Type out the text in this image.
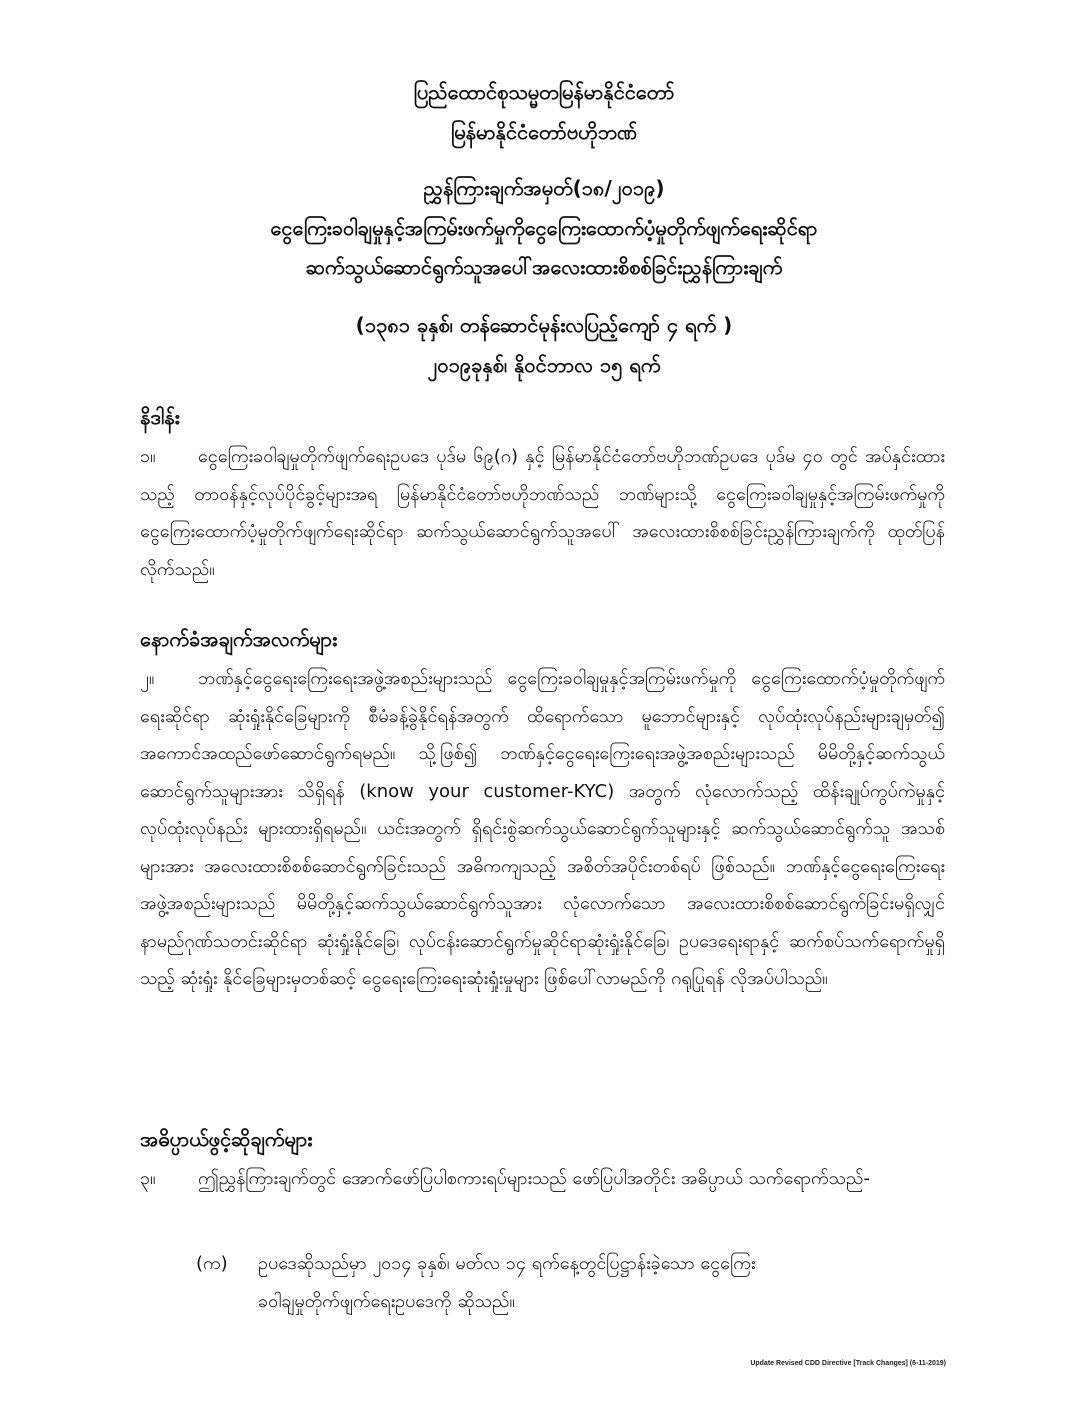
ပြည်ထောင်စုသမ္မတမြန်မာနိုင်ငံတော်
မြန်မာနိုင်ငံတော်ဗဟိုဘဏ်
ညွှန်ကြားချက်အမှတ်(၁၈/၂၀၁၉)
ငွေကြေးခဝါချမှုနှင့်အကြမ်းဖက်မှုကိုငွေကြေးထောက်ပံ့မှုတိုက်ဖျက်ရေးဆိုင်ရာ
ဆက်သွယ်ဆောင်ရွက်သူအပေါ်အလေးထားစိစစ်ခြင်းညွှန်ကြားချက်
(၁၃၈၁ ခုနှစ်၊ တန်ဆောင်မုန်းလပြည့်ကျော် ၄ ရက် )
၂၀၁၉ခုနှစ်၊ နိုဝင်ဘာလ ၁၅ ရက်
နိဒါန်း
၁။ ငွေကြေးခဝါချမှုတိုက်ဖျက်ရေးဥပဒေ ပုဒ်မ ၆၉(ဂ) နှင့် မြန်မာနိုင်ငံတော်ဗဟိုဘဏ်ဥပဒေ ပုဒ်မ ၄၀ တွင် အပ်နှင်းထားသည့် တာဝန်နှင့်လုပ်ပိုင်ခွင့်များအရ မြန်မာနိုင်ငံတော်ဗဟိုဘဏ်သည် ဘဏ်များသို့ ငွေကြေးခဝါချမှုနှင့်အကြမ်းဖက်မှုကို ငွေကြေးထောက်ပံ့မှုတိုက်ဖျက်ရေးဆိုင်ရာ ဆက်သွယ်ဆောင်ရွက်သူအပေါ် အလေးထားစိစစ်ခြင်းညွှန်ကြားချက်ကို ထုတ်ပြန်လိုက်သည်။
နောက်ခံအချက်အလက်များ
၂။ ဘဏ်နှင့်ငွေရေးကြေးရေးအဖွဲ့အစည်းများသည် ငွေကြေးခဝါချမှုနှင့်အကြမ်းဖက်မှုကို ငွေကြေးထောက်ပံ့မှုတိုက်ဖျက်ရေးဆိုင်ရာ ဆုံးရှုံးနိုင်ခြေများကို စီမံခန့်ခွဲနိုင်ရန်အတွက် ထိရောက်သော မူဘောင်များနှင့် လုပ်ထုံးလုပ်နည်းများချမှတ်၍ အကောင်အထည်ဖော်ဆောင်ရွက်ရမည်။ သို့ဖြစ်၍ ဘဏ်နှင့်ငွေရေးကြေးရေးအဖွဲ့အစည်းများသည် မိမိတို့နှင့်ဆက်သွယ်ဆောင်ရွက်သူများအား သိရှိရန် (know your customer-KYC) အတွက် လုံလောက်သည့် ထိန်းချုပ်ကွပ်ကဲမှုနှင့် လုပ်ထုံးလုပ်နည်း များထားရှိရမည်။ ယင်းအတွက် ရှိရင်းစွဲဆက်သွယ်ဆောင်ရွက်သူများနှင့် ဆက်သွယ်ဆောင်ရွက်သူ အသစ်များအား အလေးထားစိစစ်ဆောင်ရွက်ခြင်းသည် အဓိကကျသည့် အစိတ်အပိုင်းတစ်ရပ် ဖြစ်သည်။ ဘဏ်နှင့်ငွေရေးကြေးရေးအဖွဲ့အစည်းများသည် မိမိတို့နှင့်ဆက်သွယ်ဆောင်ရွက်သူအား လုံလောက်သော အလေးထားစိစစ်ဆောင်ရွက်ခြင်းမရှိလျှင် နာမည်ဂုဏ်သတင်းဆိုင်ရာ ဆုံးရှုံးနိုင်ခြေ၊ လုပ်ငန်းဆောင်ရွက်မှုဆိုင်ရာဆုံးရှုံးနိုင်ခြေ၊ ဥပဒေရေးရာနှင့် ဆက်စပ်သက်ရောက်မှုရှိသည့် ဆုံးရှုံး နိုင်ခြေများမှတစ်ဆင့် ငွေရေးကြေးရေးဆုံးရှုံးမှုများ ဖြစ်ပေါ်လာမည်ကို ဂရုပြုရန် လိုအပ်ပါသည်။
အဓိပ္ပာယ်ဖွင့်ဆိုချက်များ
၃။ ဤညွှန်ကြားချက်တွင် အောက်ဖော်ပြပါစကားရပ်များသည် ဖော်ပြပါအတိုင်း အဓိပ္ပာယ် သက်ရောက်သည်-
(က) ဥပဒေဆိုသည်မှာ ၂၀၁၄ ခုနှစ်၊ မတ်လ ၁၄ ရက်နေ့တွင်ပြဋ္ဌာန်းခဲ့သော ငွေကြေး
ခဝါချမှုတိုက်ဖျက်ရေးဥပဒေကို ဆိုသည်။
Update Revised CDD Directive [Track Changes] (6-11-2019)
